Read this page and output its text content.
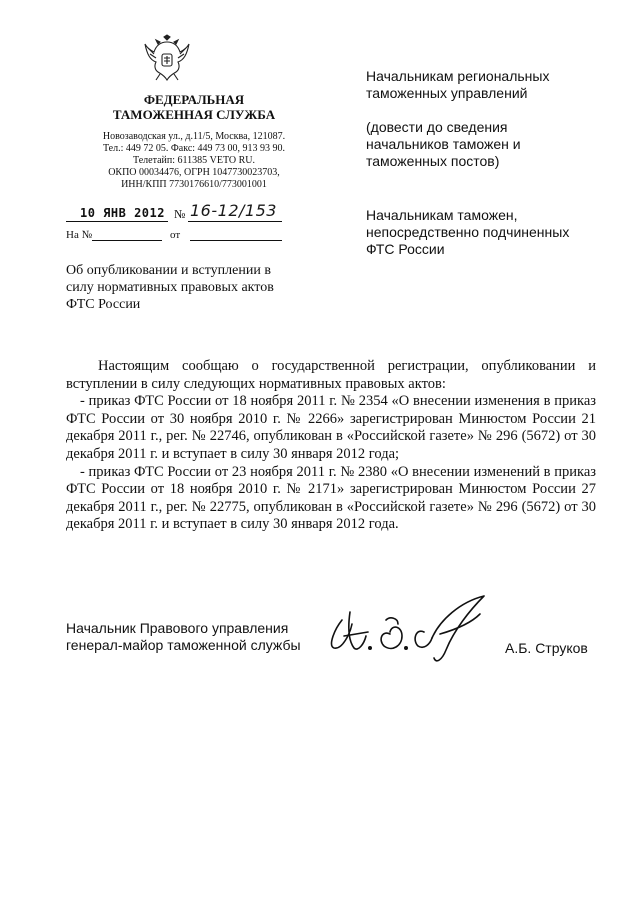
ФЕДЕРАЛЬНАЯ
ТАМОЖЕННАЯ СЛУЖБА
Новозаводская ул., д.11/5, Москва, 121087.
Тел.: 449 72 05. Факс: 449 73 00, 913 93 90.
Телетайп: 611385 VETO RU.
ОКПО 00034476, ОГРН 1047730023703,
ИНН/КПП 7730176610/773001001
10 ЯНВ 2012 № 16-12/153
На №	от
Об опубликовании и вступлении в
силу нормативных правовых актов
ФТС России
Начальникам региональных
таможенных управлений
(довести до сведения
начальников таможен и
таможенных постов)
Начальникам таможен,
непосредственно подчиненных
ФТС России

Настоящим сообщаю о государственной регистрации, опубликовании и вступлении в силу следующих нормативных правовых актов:

- приказ ФТС России от 18 ноября 2011 г. № 2354 «О внесении изменения в приказ ФТС России от 30 ноября 2010 г. № 2266» зарегистрирован Минюстом России 21 декабря 2011 г., рег. № 22746, опубликован в «Российской газете» № 296 (5672) от 30 декабря 2011 г. и вступает в силу 30 января 2012 года;

- приказ ФТС России от 23 ноября 2011 г. № 2380 «О внесении изменений в приказ ФТС России от 18 ноября 2010 г. № 2171» зарегистрирован Минюстом России 27 декабря 2011 г., рег. № 22775, опубликован в «Российской газете» № 296 (5672) от 30 декабря 2011 г. и вступает в силу 30 января 2012 года.

Начальник Правового управления
генерал-майор таможенной службы	А.Б. Струков
